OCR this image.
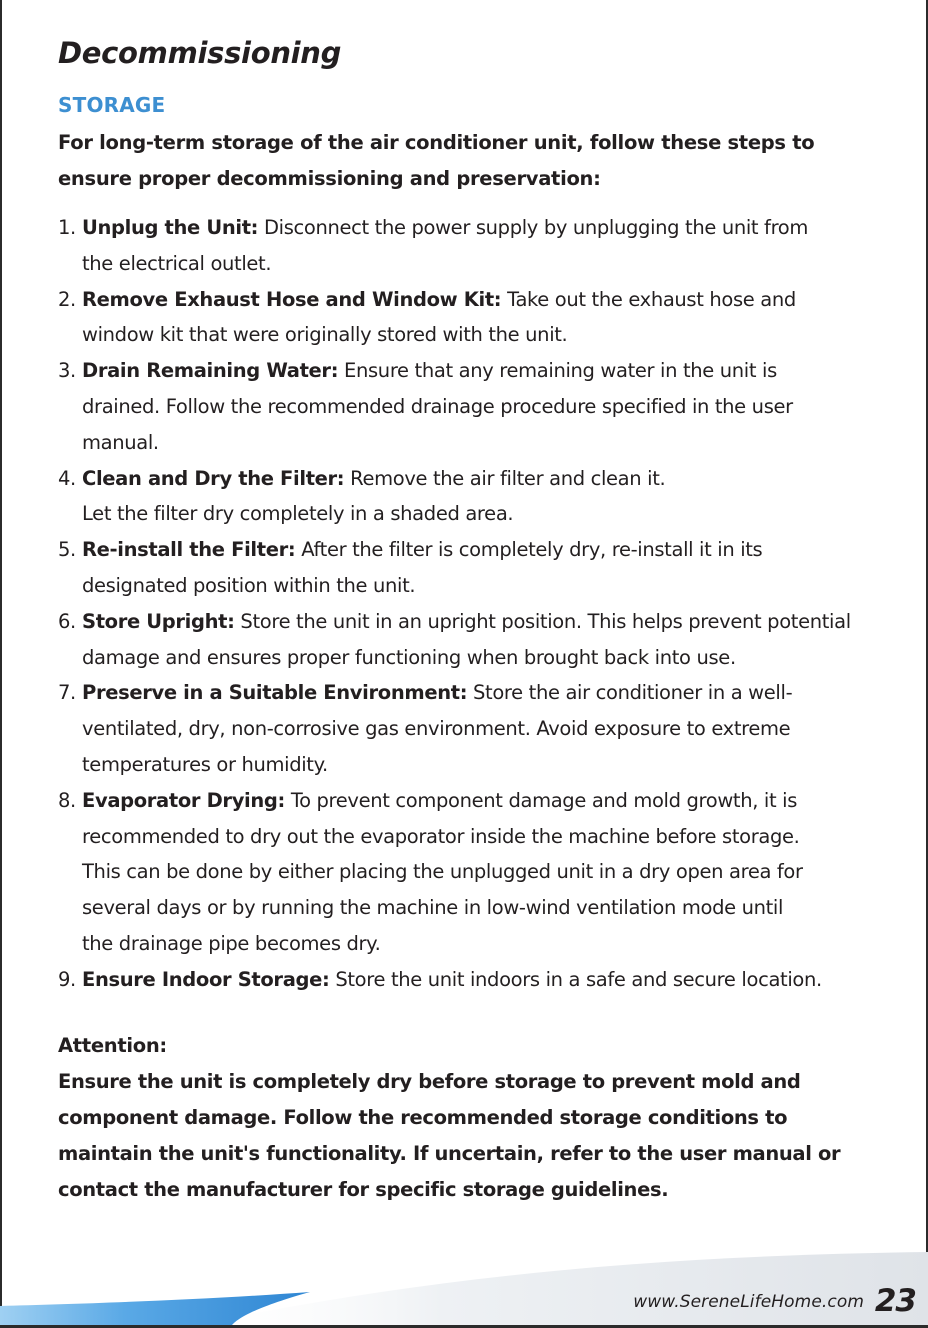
Decommissioning
STORAGE

For long-term storage of the air conditioner unit, follow these steps to ensure proper decommissioning and preservation:

1. Unplug the Unit: Disconnect the power supply by unplugging the unit from
the electrical outlet.
2. Remove Exhaust Hose and Window Kit: Take out the exhaust hose and
window kit that were originally stored with the unit.
3. Drain Remaining Water: Ensure that any remaining water in the unit is
drained. Follow the recommended drainage procedure specified in the user
manual.
4. Clean and Dry the Filter: Remove the air filter and clean it.
Let the filter dry completely in a shaded area.
5. Re-install the Filter: After the filter is completely dry, re-install it in its
designated position within the unit.
6. Store Upright: Store the unit in an upright position. This helps prevent potential
damage and ensures proper functioning when brought back into use.
7. Preserve in a Suitable Environment: Store the air conditioner in a well-
ventilated, dry, non-corrosive gas environment. Avoid exposure to extreme
temperatures or humidity.
8. Evaporator Drying: To prevent component damage and mold growth, it is
recommended to dry out the evaporator inside the machine before storage.
This can be done by either placing the unplugged unit in a dry open area for
several days or by running the machine in low-wind ventilation mode until
the drainage pipe becomes dry.
9. Ensure Indoor Storage: Store the unit indoors in a safe and secure location.
Attention:
Ensure the unit is completely dry before storage to prevent mold and
component damage. Follow the recommended storage conditions to
maintain the unit's functionality. If uncertain, refer to the user manual or
contact the manufacturer for specific storage guidelines.
www.SereneLifeHome.com 23
